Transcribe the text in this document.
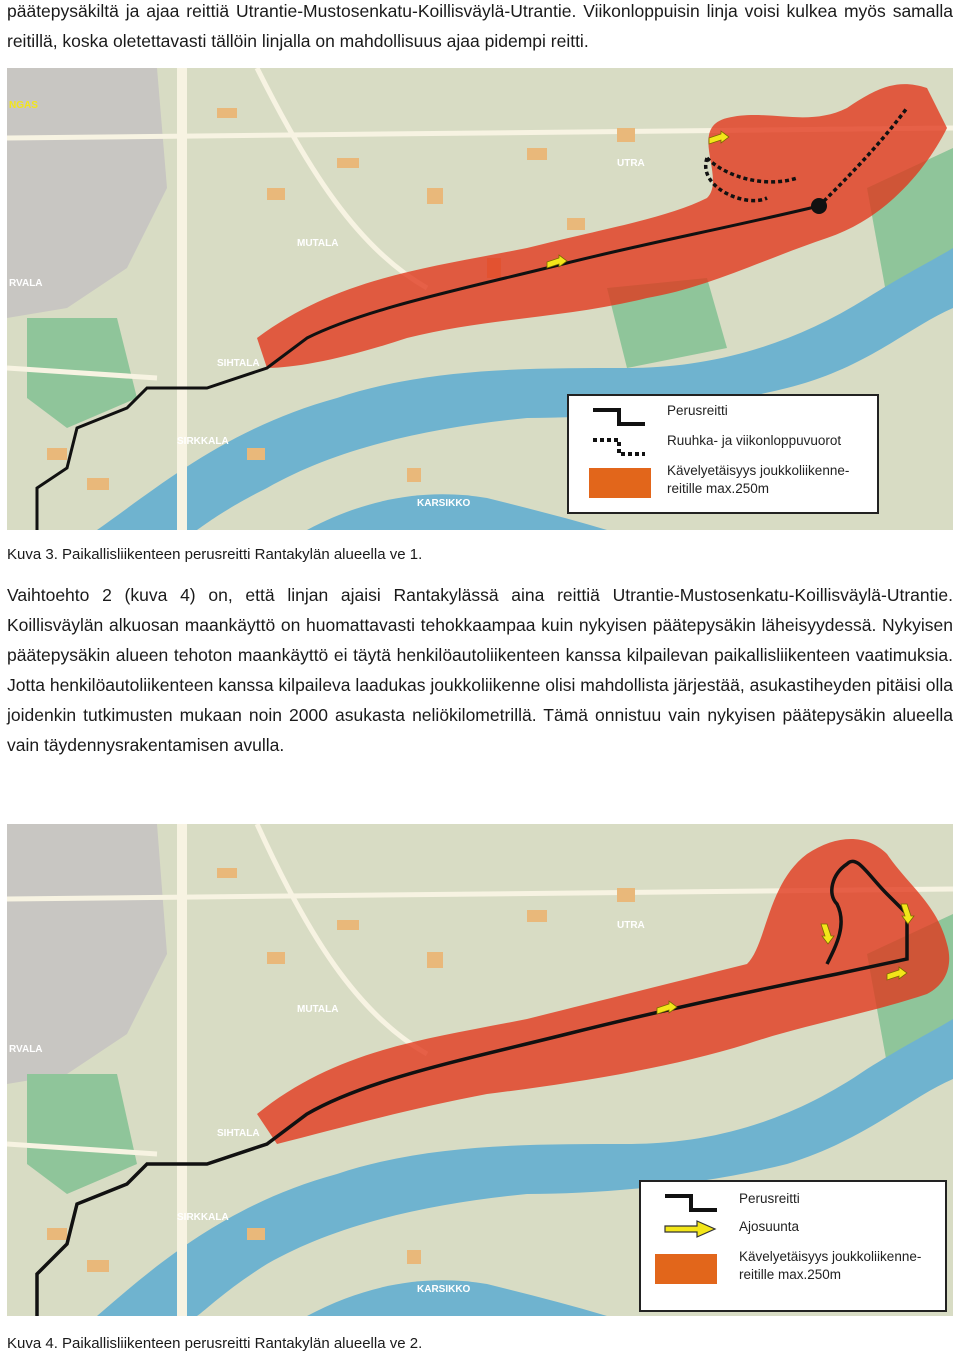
päätepysäkiltä ja ajaa reittiä Utrantie-Mustosenkatu-Koillisväylä-Utrantie. Viikonloppuisin linja voisi kulkea myös samalla reitillä, koska oletettavasti tällöin linjalla on mahdollisuus ajaa pidempi reitti.

NGAS
MUTALA
UTRA
RVALA
SIHTALA
SIRKKALA
KARSIKKO
Perusreitti
Ruuhka- ja viikonloppuvuorot
Kävelyetäisyys joukkoliikenne-
reitille max.250m

Kuva 3. Paikallisliikenteen perusreitti Rantakylän alueella ve 1.

Vaihtoehto 2 (kuva 4) on, että linjan ajaisi Rantakylässä aina reittiä Utrantie-Mustosenkatu-Koillisväylä-Utrantie. Koillisväylän alkuosan maankäyttö on huomattavasti tehokkaampaa kuin nykyisen päätepysäkin läheisyydessä. Nykyisen päätepysäkin alueen tehoton maankäyttö ei täytä henkilöautoliikenteen kanssa kilpailevan paikallisliikenteen vaatimuksia. Jotta henkilöautoliikenteen kanssa kilpaileva laadukas joukkoliikenne olisi mahdollista järjestää, asukastiheyden pitäisi olla joidenkin tutkimusten mukaan noin 2000 asukasta neliökilometrillä. Tämä onnistuu vain nykyisen päätepysäkin alueella vain täydennysrakentamisen avulla.

MUTALA
UTRA
RVALA
SIHTALA
SIRKKALA
KARSIKKO
Perusreitti
Ajosuunta
Kävelyetäisyys joukkoliikenne-
reitille max.250m

Kuva 4. Paikallisliikenteen perusreitti Rantakylän alueella ve 2.
